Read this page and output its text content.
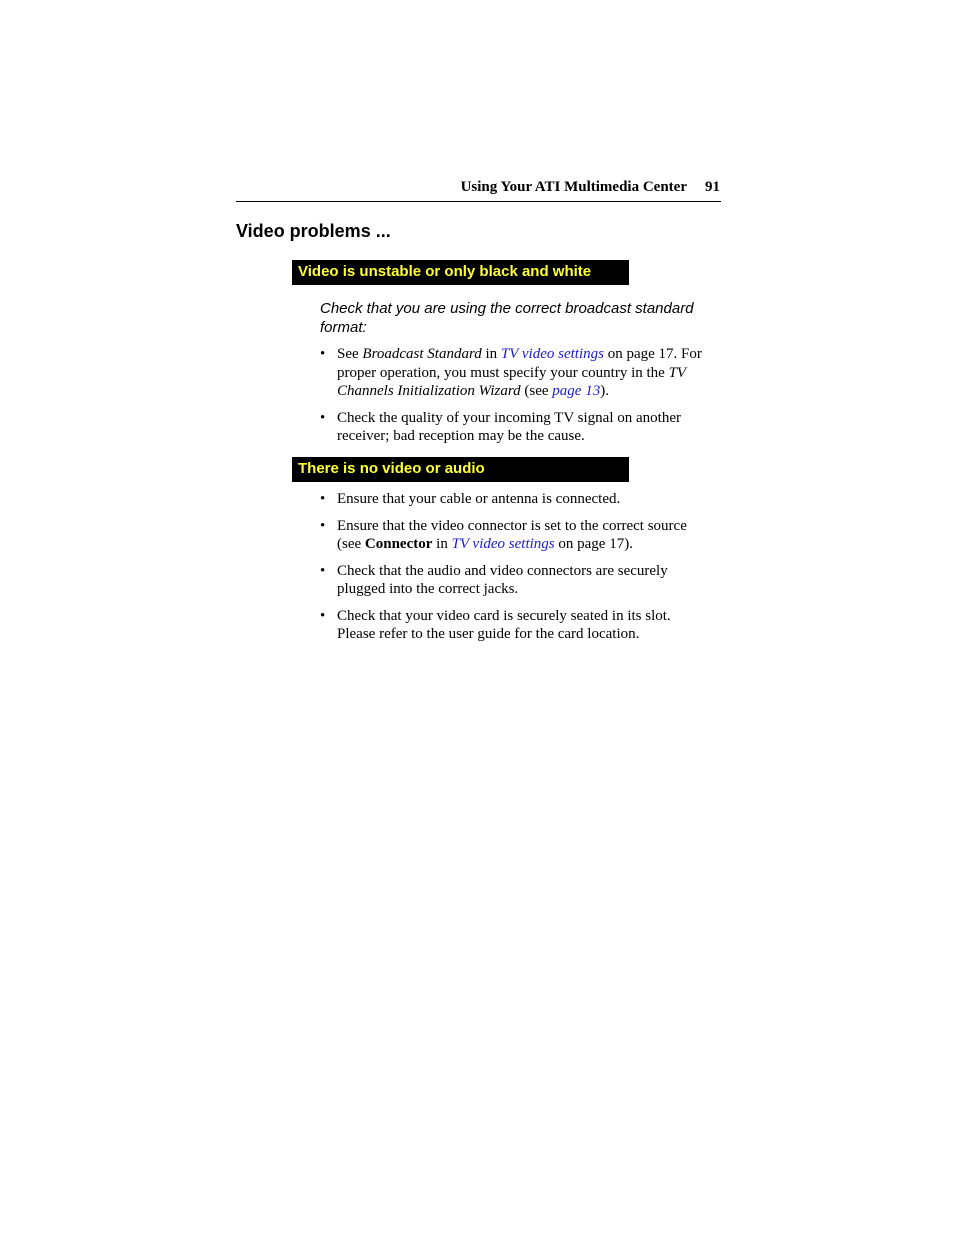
Using Your ATI Multimedia Center 91
Video problems ...
Video is unstable or only black and white
Check that you are using the correct broadcast standard format:
• See Broadcast Standard in TV video settings on page 17. For proper operation, you must specify your country in the TV Channels Initialization Wizard (see page 13).
• Check the quality of your incoming TV signal on another receiver; bad reception may be the cause.
There is no video or audio
• Ensure that your cable or antenna is connected.
• Ensure that the video connector is set to the correct source (see Connector in TV video settings on page 17).
• Check that the audio and video connectors are securely plugged into the correct jacks.
• Check that your video card is securely seated in its slot. Please refer to the user guide for the card location.
